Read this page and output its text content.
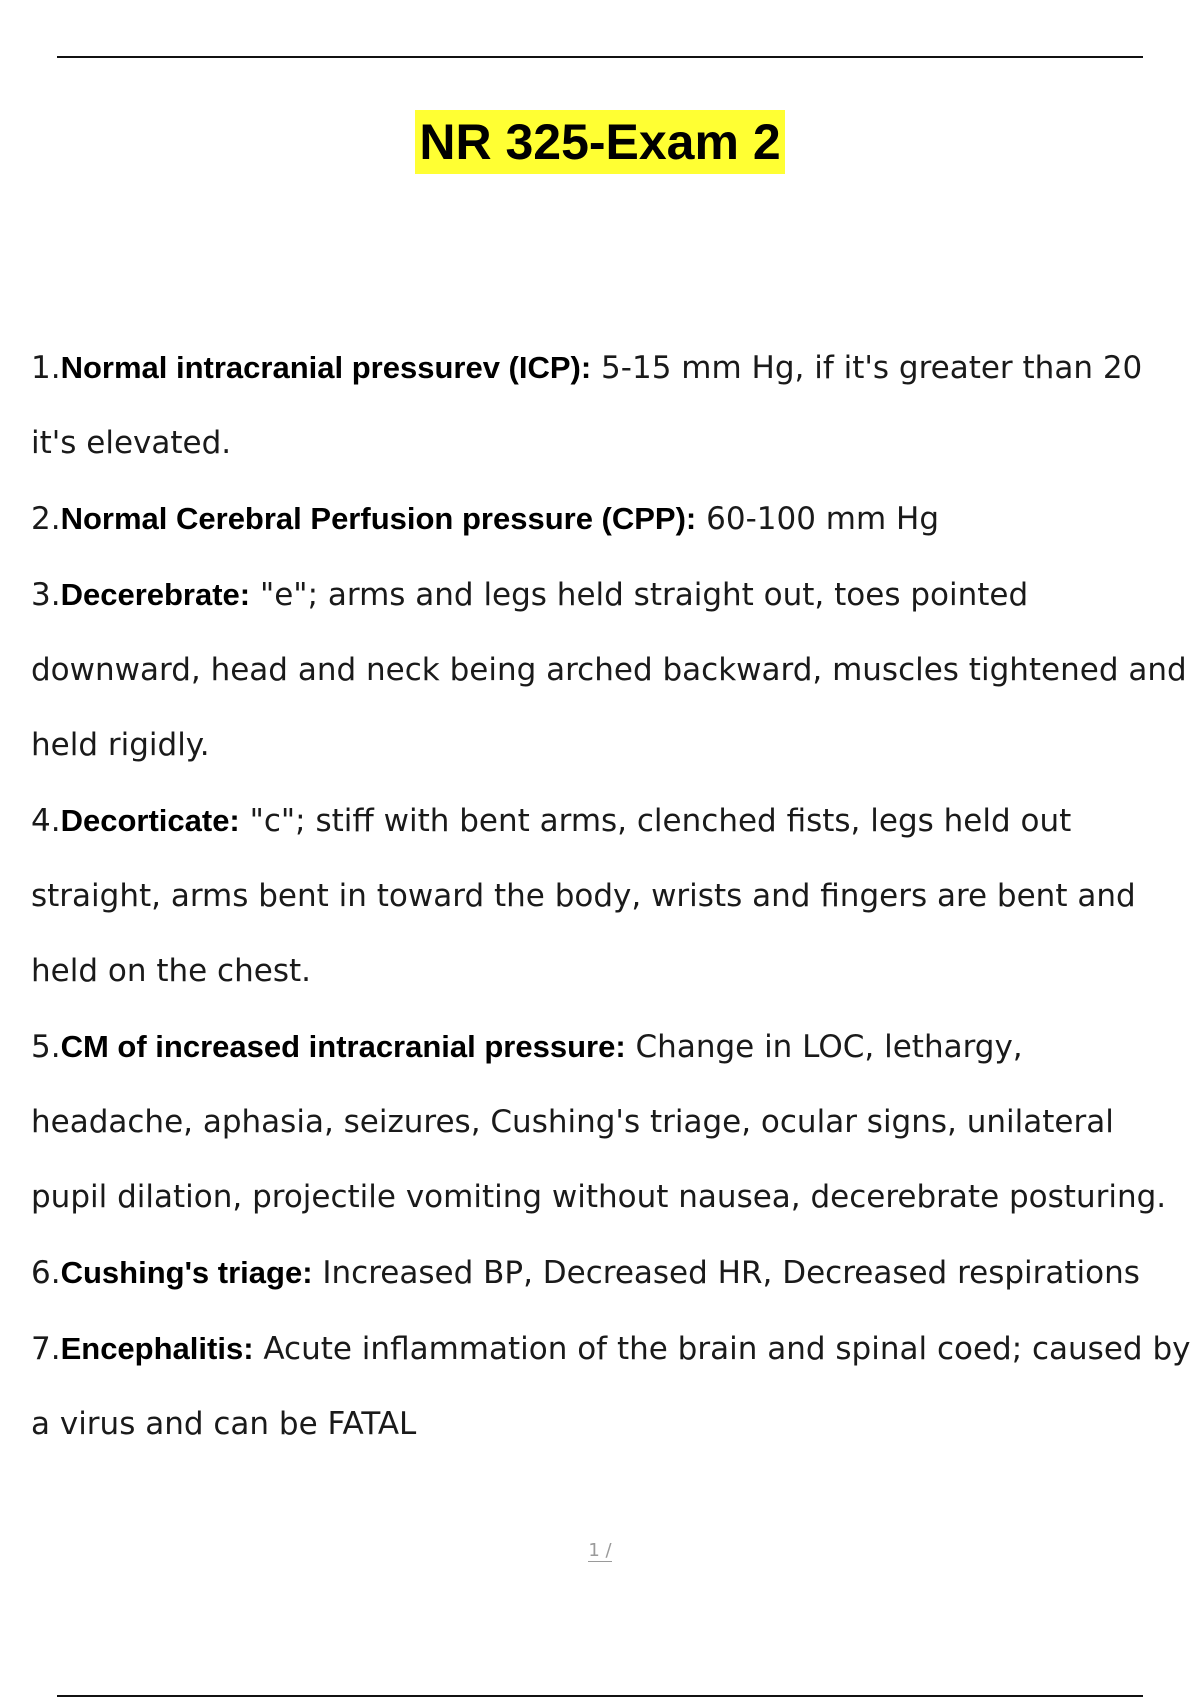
NR 325-Exam 2
1.Normal intracranial pressurev (ICP): 5-15 mm Hg, if it's greater than 20 it's elevated.
2.Normal Cerebral Perfusion pressure (CPP): 60-100 mm Hg
3.Decerebrate: "e"; arms and legs held straight out, toes pointed downward, head and neck being arched backward, muscles tightened and held rigidly.
4.Decorticate: "c"; stiff with bent arms, clenched fists, legs held out straight, arms bent in toward the body, wrists and fingers are bent and held on the chest.
5.CM of increased intracranial pressure: Change in LOC, lethargy, headache, aphasia, seizures, Cushing's triage, ocular signs, unilateral pupil dilation, projectile vomiting without nausea, decerebrate posturing.
6.Cushing's triage: Increased BP, Decreased HR, Decreased respirations
7.Encephalitis: Acute inflammation of the brain and spinal coed; caused by a virus and can be FATAL
1 /
